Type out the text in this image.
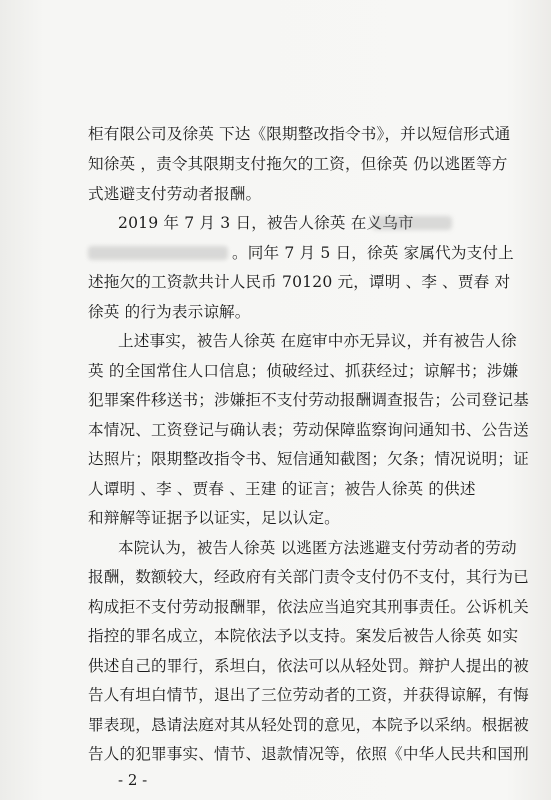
柜有限公司及徐英 下达《限期整改指令书》，并以短信形式通
知徐英 ，责令其限期支付拖欠的工资，但徐英 仍以逃匿等方
式逃避支付劳动者报酬。
2019 年 7 月 3 日，被告人徐英 在义乌市
。同年 7 月 5 日，徐英 家属代为支付上
述拖欠的工资款共计人民币 70120 元，谭明 、李 、贾春 对
徐英 的行为表示谅解。
上述事实，被告人徐英 在庭审中亦无异议，并有被告人徐
英 的全国常住人口信息；侦破经过、抓获经过；谅解书；涉嫌
犯罪案件移送书；涉嫌拒不支付劳动报酬调查报告；公司登记基
本情况、工资登记与确认表；劳动保障监察询问通知书、公告送
达照片；限期整改指令书、短信通知截图；欠条；情况说明；证
人谭明 、李 、贾春 、王建 的证言；被告人徐英 的供述
和辩解等证据予以证实，足以认定。
本院认为，被告人徐英 以逃匿方法逃避支付劳动者的劳动
报酬，数额较大，经政府有关部门责令支付仍不支付，其行为已
构成拒不支付劳动报酬罪，依法应当追究其刑事责任。公诉机关
指控的罪名成立，本院依法予以支持。案发后被告人徐英 如实
供述自己的罪行，系坦白，依法可以从轻处罚。辩护人提出的被
告人有坦白情节，退出了三位劳动者的工资，并获得谅解，有悔
罪表现，恳请法庭对其从轻处罚的意见，本院予以采纳。根据被
告人的犯罪事实、情节、退款情况等，依照《中华人民共和国刑
- 2 -
